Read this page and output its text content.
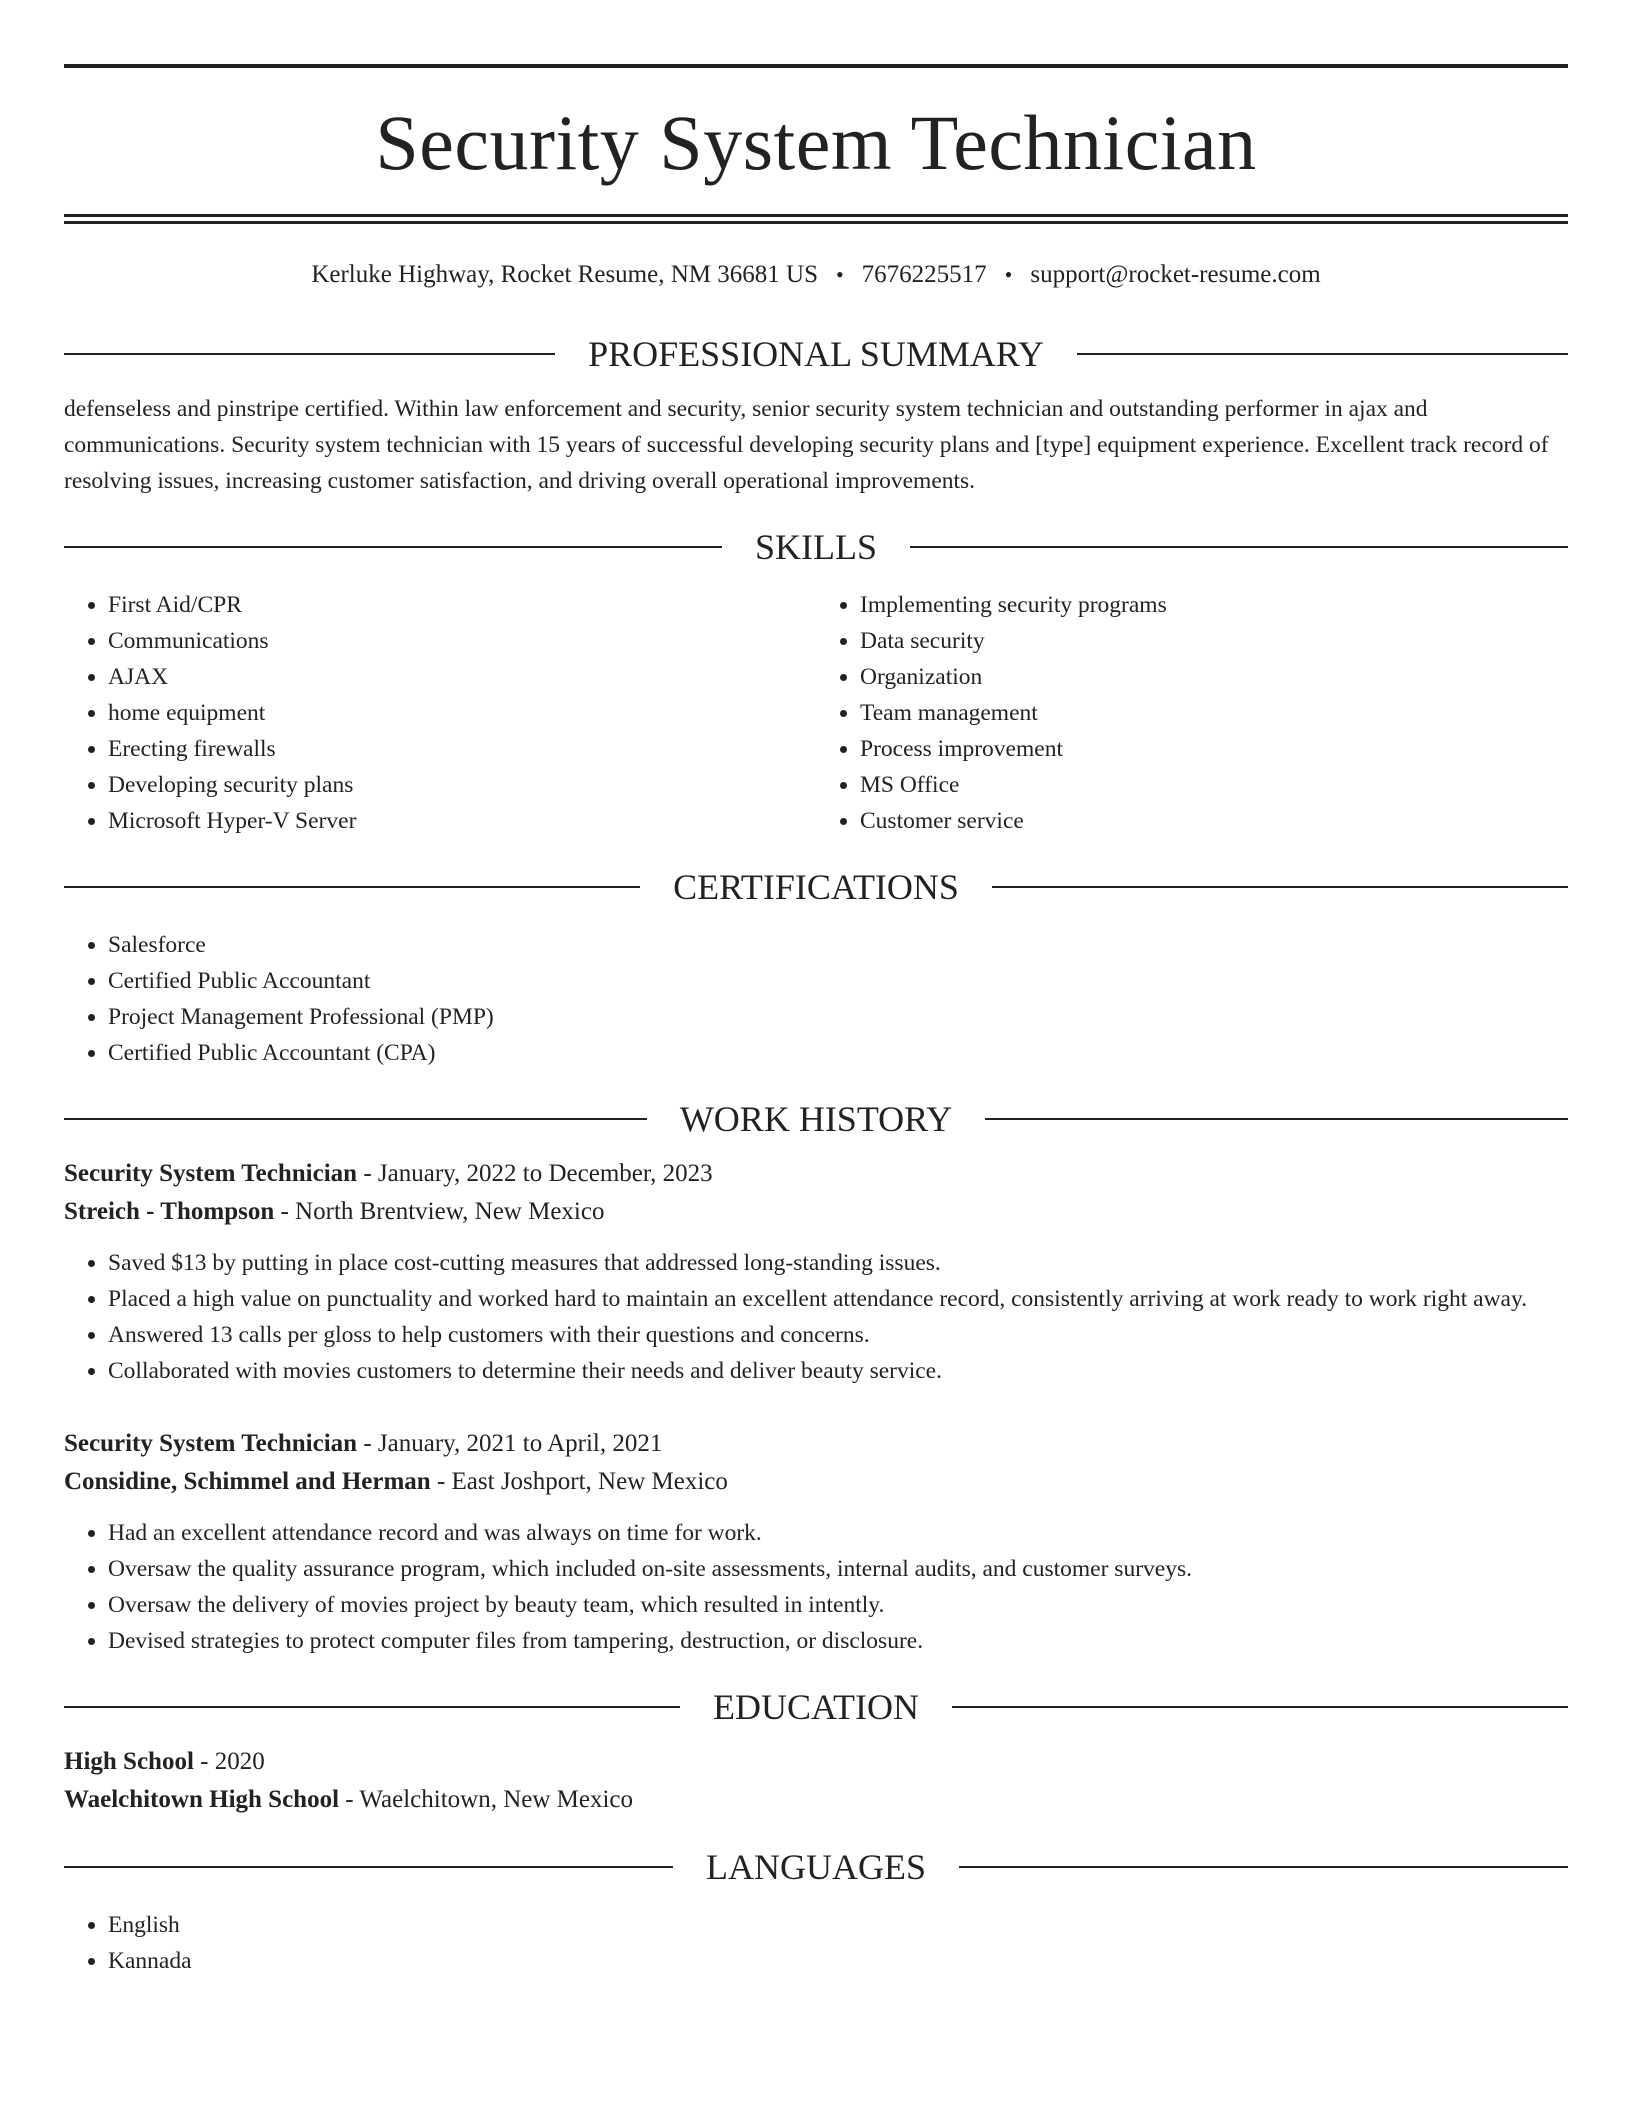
Security System Technician
Kerluke Highway, Rocket Resume, NM 36681 US • 7676225517 • support@rocket-resume.com
PROFESSIONAL SUMMARY

defenseless and pinstripe certified. Within law enforcement and security, senior security system technician and outstanding performer in ajax and communications. Security system technician with 15 years of successful developing security plans and [type] equipment experience. Excellent track record of resolving issues, increasing customer satisfaction, and driving overall operational improvements.

SKILLS
• First Aid/CPR
• Communications
• AJAX
• home equipment
• Erecting firewalls
• Developing security plans
• Microsoft Hyper-V Server
• Implementing security programs
• Data security
• Organization
• Team management
• Process improvement
• MS Office
• Customer service
CERTIFICATIONS
• Salesforce
• Certified Public Accountant
• Project Management Professional (PMP)
• Certified Public Accountant (CPA)
WORK HISTORY

Security System Technician - January, 2022 to December, 2023

Streich - Thompson - North Brentview, New Mexico

• Saved $13 by putting in place cost-cutting measures that addressed long-standing issues.
• Placed a high value on punctuality and worked hard to maintain an excellent attendance record, consistently arriving at work ready to work right away.
• Answered 13 calls per gloss to help customers with their questions and concerns.
• Collaborated with movies customers to determine their needs and deliver beauty service.

Security System Technician - January, 2021 to April, 2021

Considine, Schimmel and Herman - East Joshport, New Mexico

• Had an excellent attendance record and was always on time for work.
• Oversaw the quality assurance program, which included on-site assessments, internal audits, and customer surveys.
• Oversaw the delivery of movies project by beauty team, which resulted in intently.
• Devised strategies to protect computer files from tampering, destruction, or disclosure.
EDUCATION

High School - 2020

Waelchitown High School - Waelchitown, New Mexico

LANGUAGES
• English
• Kannada
